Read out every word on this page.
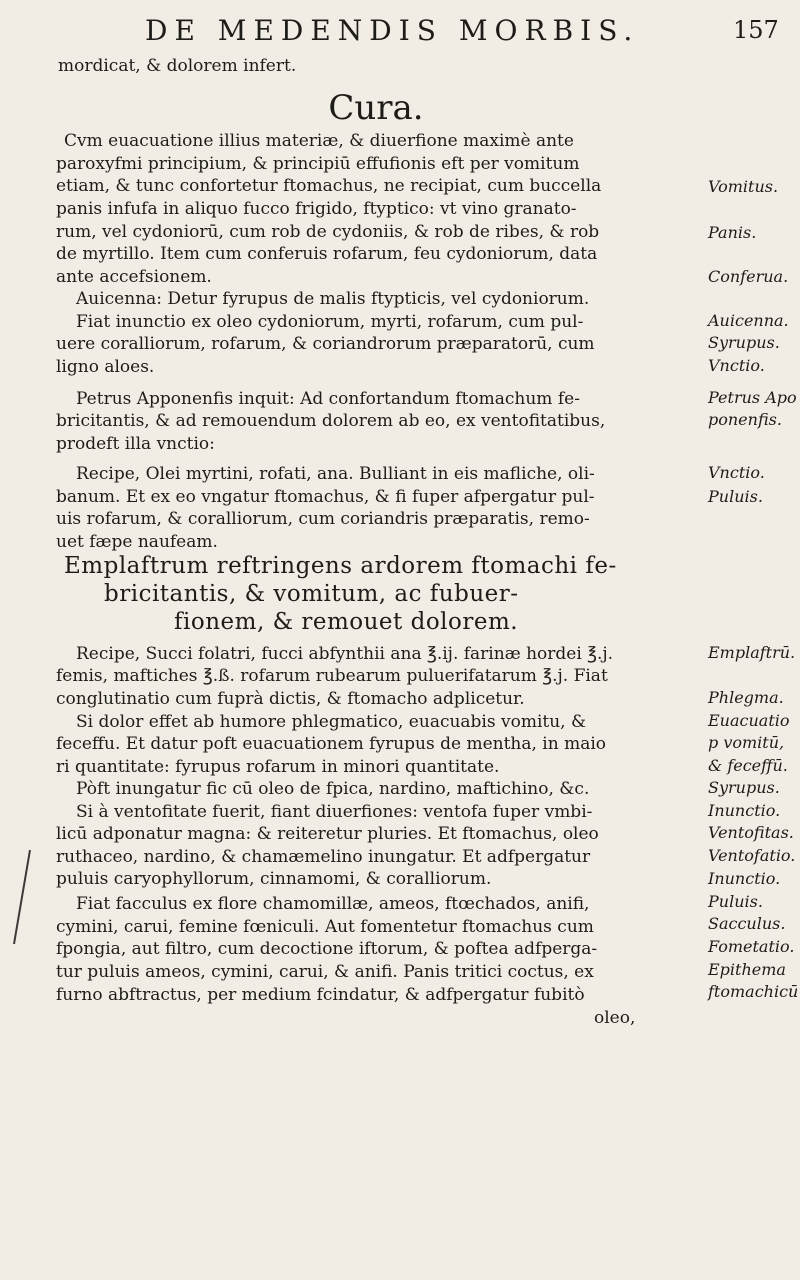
DE MEDENDIS MORBIS.	157
Cura.
mordicat, & dolorem infert.
Cvm euacuatione illius materiæ, & diuerfione maximè ante
paroxyfmi principium, & principiū effufionis eft per vomitum
etiam, & tunc confortetur ftomachus, ne recipiat, cum buccella
panis infufa in aliquo fucco frigido, ftyptico: vt vino granato-
rum, vel cydoniorū, cum rob de cydoniis, & rob de ribes, & rob
de myrtillo. Item cum conferuis rofarum, feu cydoniorum, data
ante accefsionem.
Auicenna: Detur fyrupus de malis ftypticis, vel cydoniorum.
Fiat inunctio ex oleo cydoniorum, myrti, rofarum, cum pul-
uere coralliorum, rofarum, & coriandrorum præparatorū, cum
ligno aloes.
Petrus Apponenfis inquit: Ad confortandum ftomachum fe-
bricitantis, & ad remouendum dolorem ab eo, ex ventofitatibus,
prodeft illa vnctio:
Recipe, Olei myrtini, rofati, ana. Bulliant in eis mafliche, oli-
banum. Et ex eo vngatur ftomachus, & fi fuper afpergatur pul-
uis rofarum, & coralliorum, cum coriandris præparatis, remo-
uet fæpe naufeam.
Emplaftrum reftringens ardorem ftomachi fe-
bricitantis, & vomitum, ac fubuer-
fionem, & remouet dolorem.
Recipe, Succi folatri, fucci abfynthii ana ℥.ij. farinæ hordei ℥.j.
femis, maftiches ℥.ß. rofarum rubearum puluerifatarum ℥.j. Fiat
conglutinatio cum fuprà dictis, & ftomacho adplicetur.
Si dolor effet ab humore phlegmatico, euacuabis vomitu, &
feceffu. Et datur poft euacuationem fyrupus de mentha, in maio
ri quantitate: fyrupus rofarum in minori quantitate.
Pòft inungatur fic cū oleo de fpica, nardino, maftichino, &c.
Si à ventofitate fuerit, fiant diuerfiones: ventofa fuper vmbi-
licū adponatur magna: & reiteretur pluries. Et ftomachus, oleo
ruthaceo, nardino, & chamæmelino inungatur. Et adfpergatur
puluis caryophyllorum, cinnamomi, & coralliorum.
Fiat facculus ex flore chamomillæ, ameos, ftœchados, anifi,
cymini, carui, femine fœniculi. Aut fomentetur ftomachus cum
fpongia, aut filtro, cum decoctione iftorum, & poftea adfperga-
tur puluis ameos, cymini, carui, & anifi. Panis tritici coctus, ex
furno abftractus, per medium fcindatur, & adfpergatur fubitò
oleo,
Vomitus.
Panis.
Conferua.
Auicenna.
Syrupus.
Vnctio.
Petrus Apo
ponenfis.
Vnctio.
Puluis.
Emplaftrū.
Phlegma.
Euacuatio
p vomitū,
& feceffū.
Syrupus.
Inunctio.
Ventofitas.
Ventofatio.
Inunctio.
Puluis.
Sacculus.
Fometatio.
Epithema
ftomachicū
